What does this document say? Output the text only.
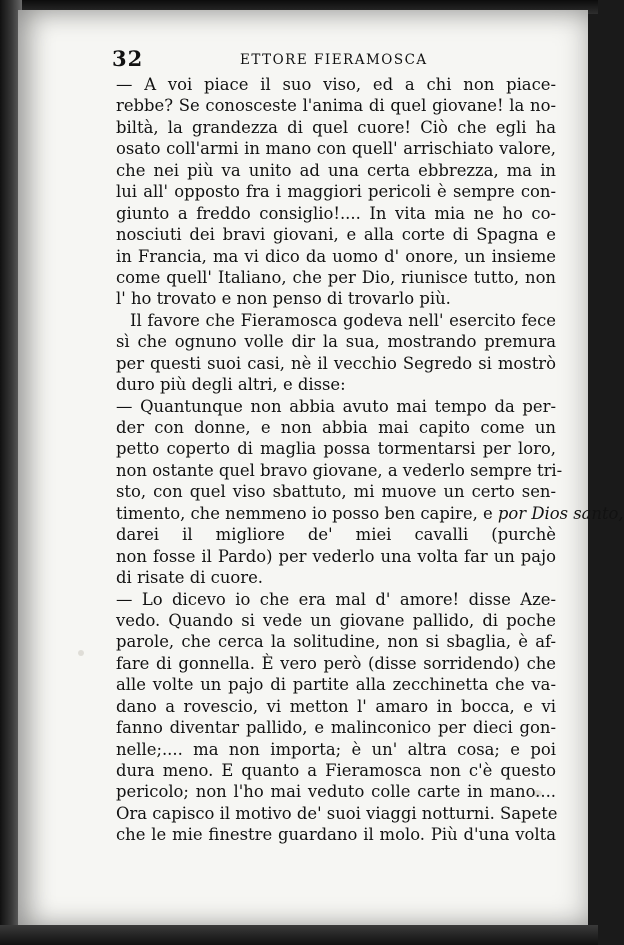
32	ETTORE FIERAMOSCA
— A voi piace il suo viso, ed a chi non piace-
rebbe? Se conosceste l'anima di quel giovane! la no-
biltà, la grandezza di quel cuore! Ciò che egli ha
osato coll'armi in mano con quell' arrischiato valore,
che nei più va unito ad una certa ebbrezza, ma in
lui all' opposto fra i maggiori pericoli è sempre con-
giunto a freddo consiglio!.... In vita mia ne ho co-
nosciuti dei bravi giovani, e alla corte di Spagna e
in Francia, ma vi dico da uomo d' onore, un insieme
come quell' Italiano, che per Dio, riunisce tutto, non
l' ho trovato e non penso di trovarlo più.
Il favore che Fieramosca godeva nell' esercito fece
sì che ognuno volle dir la sua, mostrando premura
per questi suoi casi, nè il vecchio Segredo si mostrò
duro più degli altri, e disse:
— Quantunque non abbia avuto mai tempo da per-
der con donne, e non abbia mai capito come un
petto coperto di maglia possa tormentarsi per loro,
non ostante quel bravo giovane, a vederlo sempre tri-
sto, con quel viso sbattuto, mi muove un certo sen-
timento, che nemmeno io posso ben capire, e por Dios santo,
darei il migliore de' miei cavalli (purchè
non fosse il Pardo) per vederlo una volta far un pajo
di risate di cuore.
— Lo dicevo io che era mal d' amore! disse Aze-
vedo. Quando si vede un giovane pallido, di poche
parole, che cerca la solitudine, non si sbaglia, è af-
fare di gonnella. È vero però (disse sorridendo) che
alle volte un pajo di partite alla zecchinetta che va-
dano a rovescio, vi metton l' amaro in bocca, e vi
fanno diventar pallido, e malinconico per dieci gon-
nelle;.... ma non importa; è un' altra cosa; e poi
dura meno. E quanto a Fieramosca non c'è questo
pericolo; non l'ho mai veduto colle carte in mano....
Ora capisco il motivo de' suoi viaggi notturni. Sapete
che le mie finestre guardano il molo. Più d'una volta
